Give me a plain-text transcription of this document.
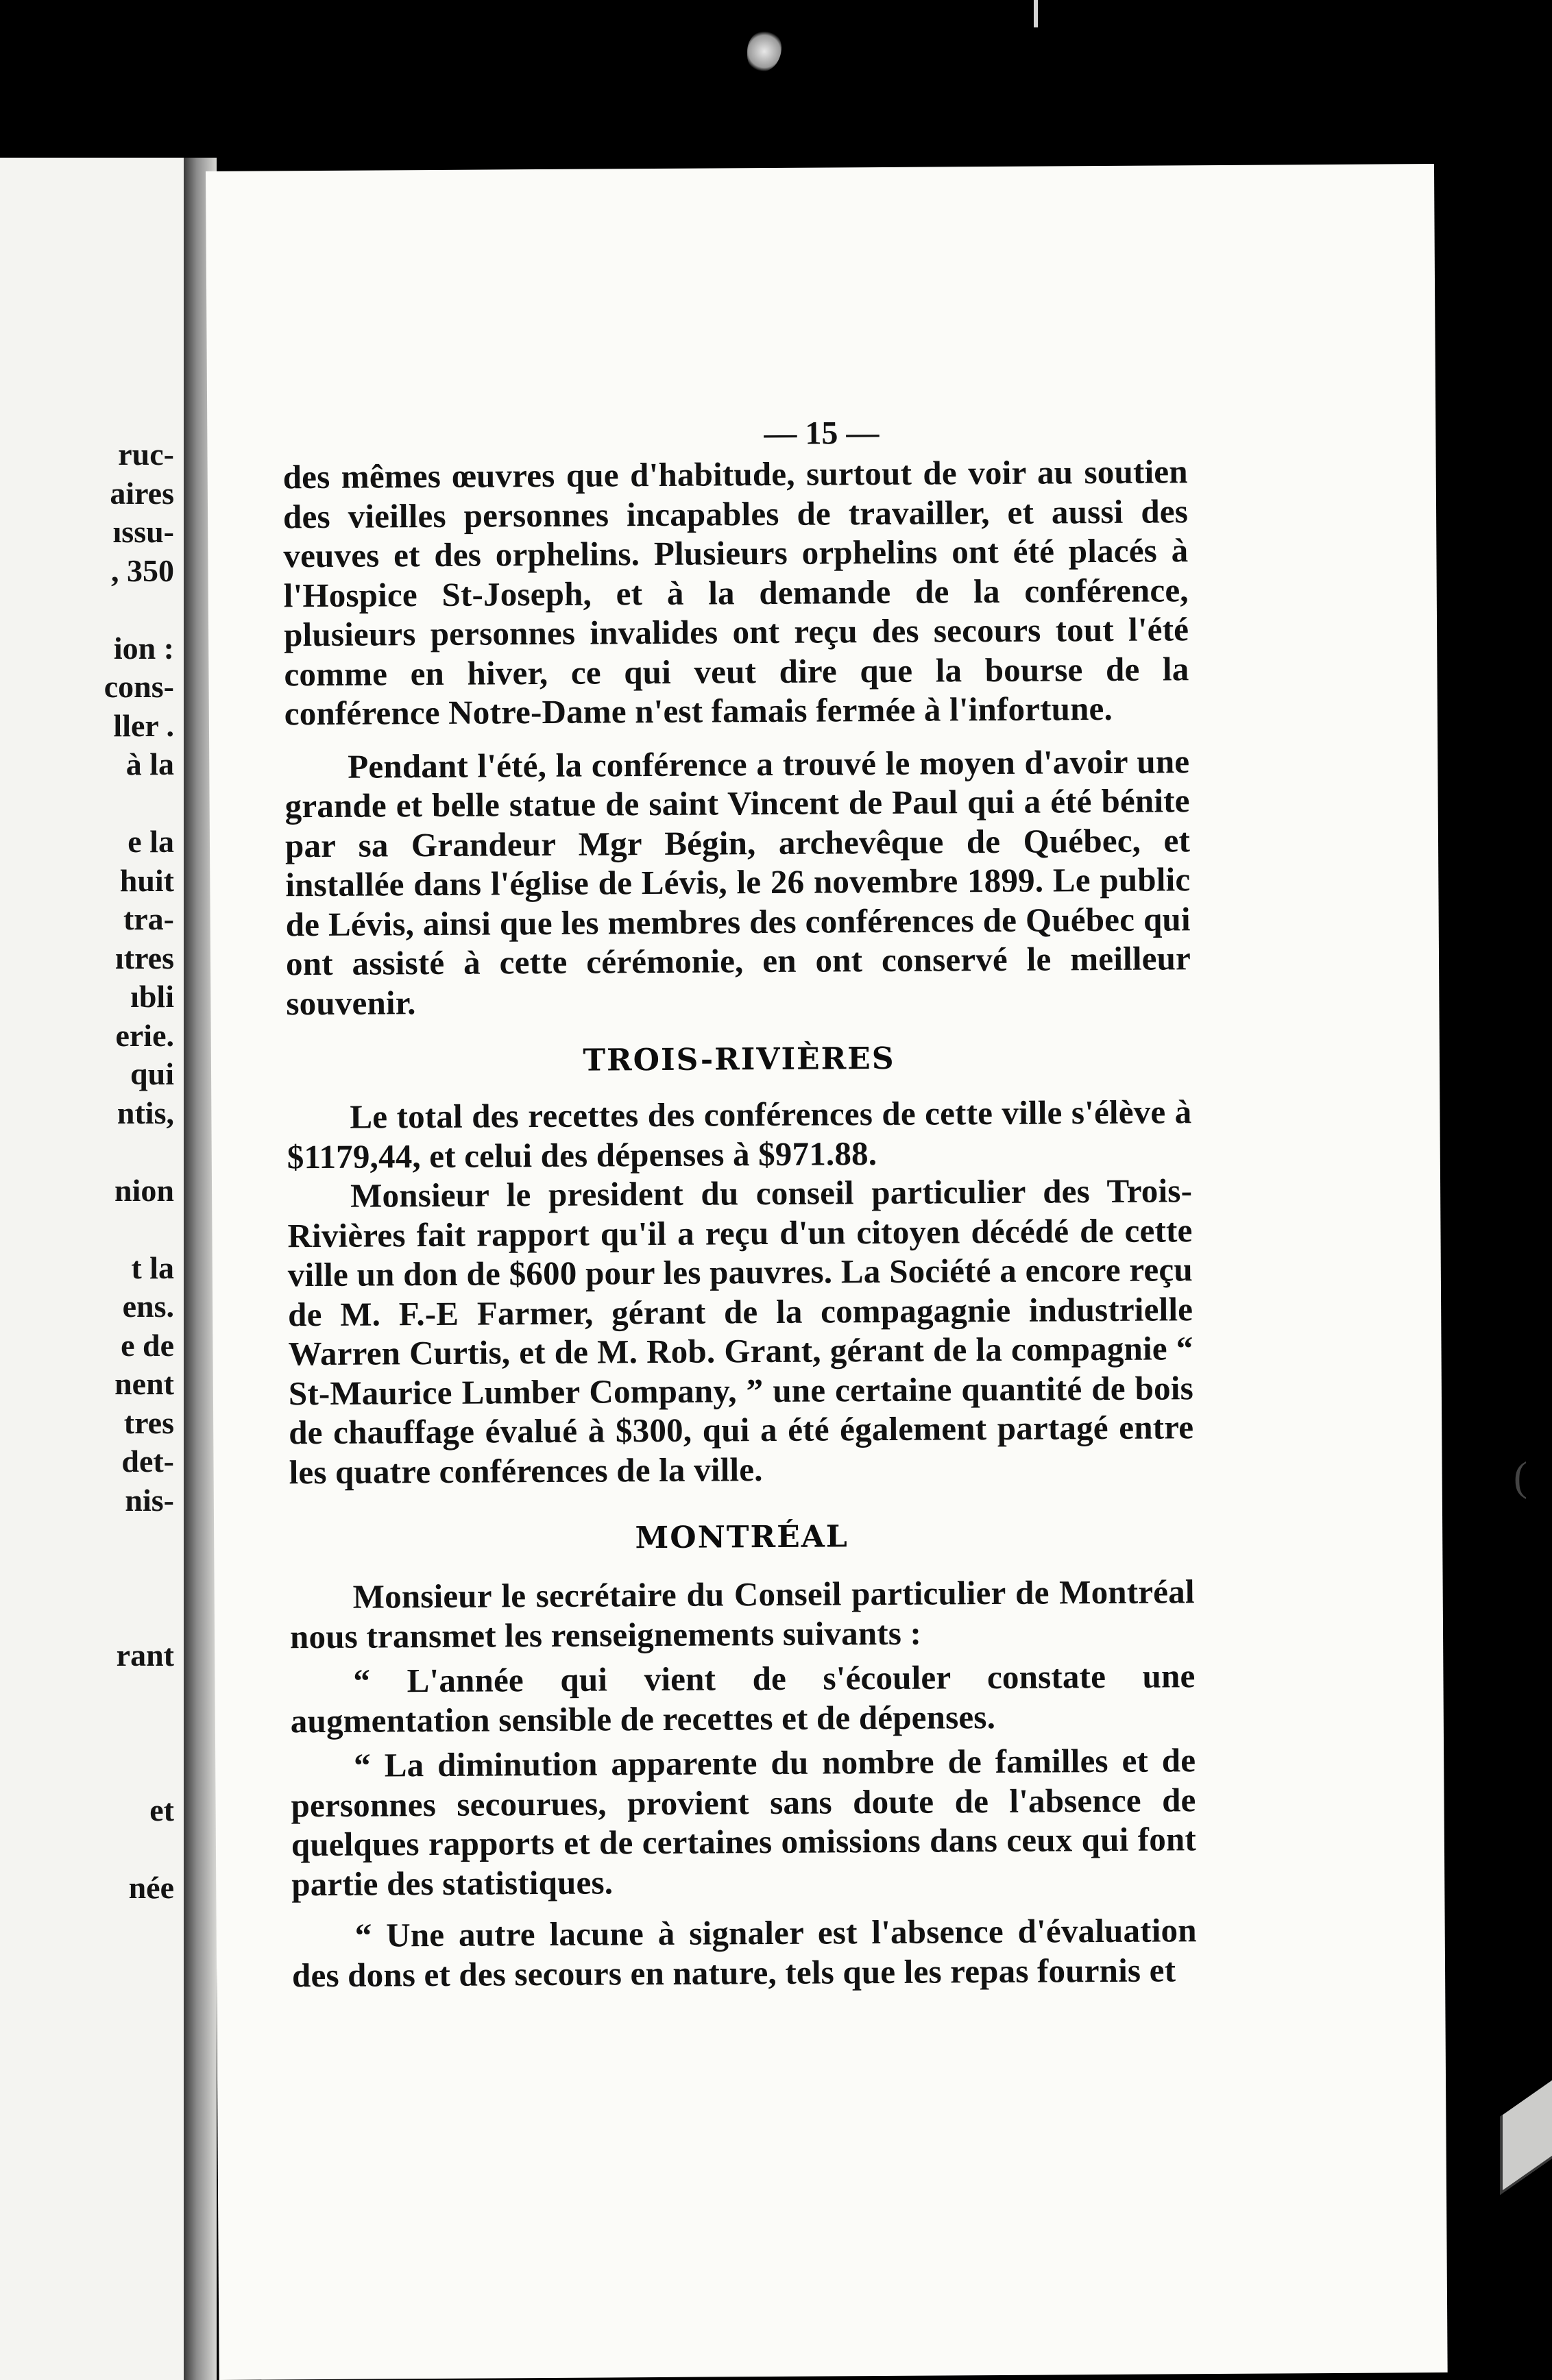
ruc-
aires
ıssu-
, 350
ion :
cons-
ller .
à la
e la
huit
tra-
ıtres
ıbli
erie.
qui
ntis,
nion
t la
ens.
e de
nent
tres
det-
nis-
rant
et
née
— 15 —

des mêmes œuvres que d'habitude, surtout de voir au soutien des vieilles personnes incapables de travailler, et aussi des veuves et des orphelins. Plusieurs orphelins ont été placés à l'Hospice St-Joseph, et à la demande de la conférence, plusieurs personnes invalides ont reçu des secours tout l'été comme en hiver, ce qui veut dire que la bourse de la conférence Notre-Dame n'est famais fermée à l'infortune.

Pendant l'été, la conférence a trouvé le moyen d'avoir une grande et belle statue de saint Vincent de Paul qui a été bénite par sa Grandeur Mgr Bégin, archevêque de Québec, et installée dans l'église de Lévis, le 26 novembre 1899. Le public de Lévis, ainsi que les membres des conférences de Québec qui ont assisté à cette cérémonie, en ont conservé le meilleur souvenir.

TROIS-RIVIÈRES

Le total des recettes des conférences de cette ville s'élève à $1179,44, et celui des dépenses à $971.88.

Monsieur le president du conseil particulier des Trois-Rivières fait rapport qu'il a reçu d'un citoyen décédé de cette ville un don de $600 pour les pauvres. La Société a encore reçu de M. F.-E Farmer, gérant de la compagagnie industrielle Warren Curtis, et de M. Rob. Grant, gérant de la compagnie “ St-Maurice Lumber Company, ” une certaine quantité de bois de chauffage évalué à $300, qui a été également partagé entre les quatre conférences de la ville.

MONTRÉAL

Monsieur le secrétaire du Conseil particulier de Montréal nous transmet les renseignements suivants :

“ L'année qui vient de s'écouler constate une augmentation sensible de recettes et de dépenses.

“ La diminution apparente du nombre de familles et de personnes secourues, provient sans doute de l'absence de quelques rapports et de certaines omissions dans ceux qui font partie des statistiques.

“ Une autre lacune à signaler est l'absence d'évaluation des dons et des secours en nature, tels que les repas fournis et

(
